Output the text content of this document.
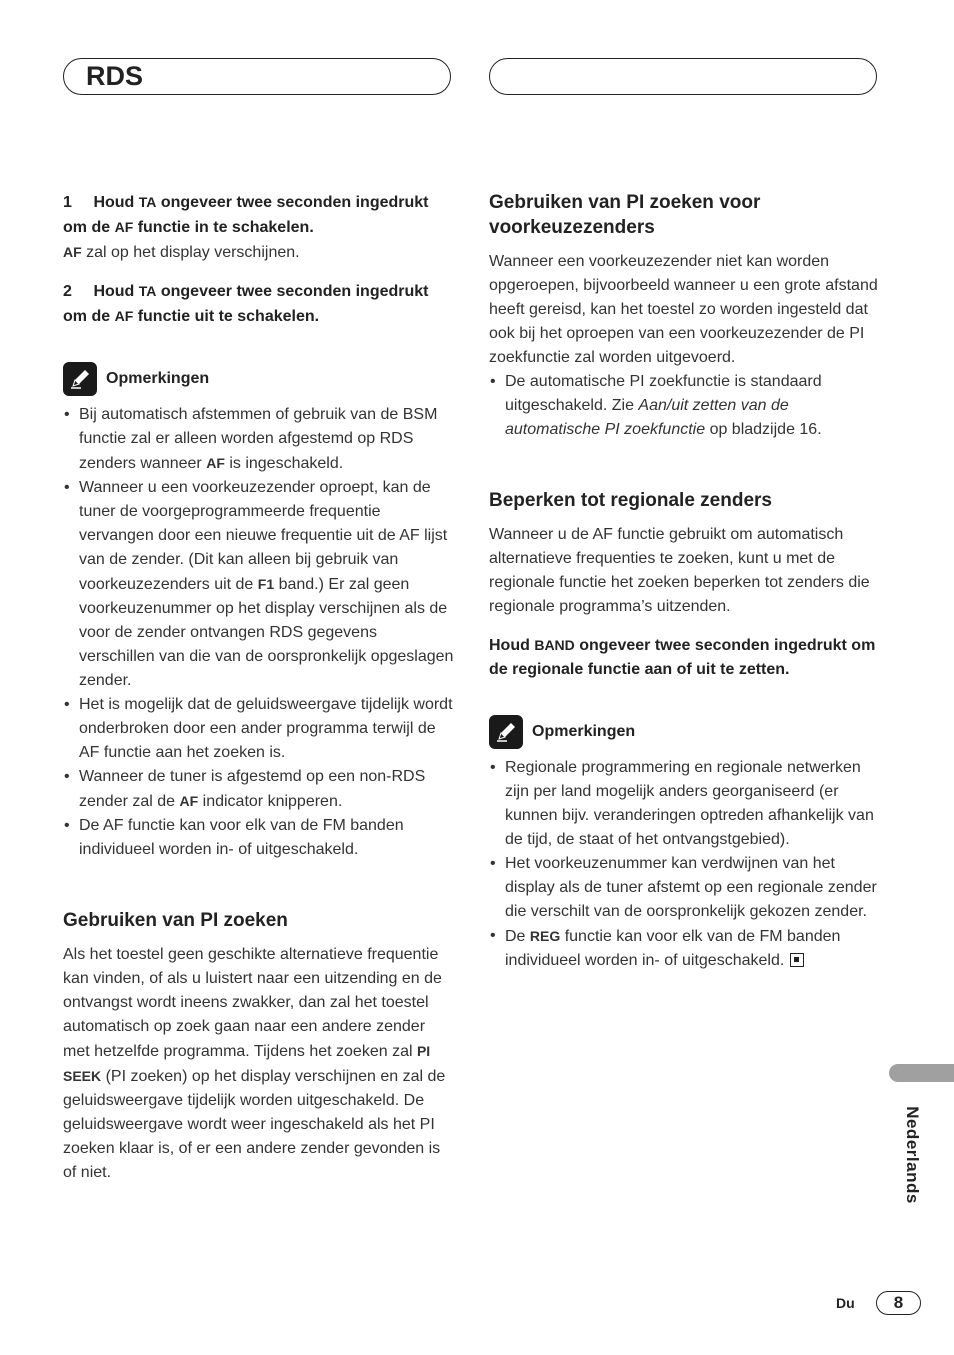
RDS

1 Houd TA ongeveer twee seconden ingedrukt om de AF functie in te schakelen.

AF zal op het display verschijnen.

2 Houd TA ongeveer twee seconden ingedrukt om de AF functie uit te schakelen.

Opmerkingen
• Bij automatisch afstemmen of gebruik van de BSM functie zal er alleen worden afgestemd op RDS zenders wanneer AF is ingeschakeld.
• Wanneer u een voorkeuzezender oproept, kan de tuner de voorgeprogrammeerde frequentie vervangen door een nieuwe frequentie uit de AF lijst van de zender. (Dit kan alleen bij gebruik van voorkeuzezenders uit de F1 band.) Er zal geen voorkeuzenummer op het display verschijnen als de voor de zender ontvangen RDS gegevens verschillen van die van de oorspronkelijk opgeslagen zender.
• Het is mogelijk dat de geluidsweergave tijdelijk wordt onderbroken door een ander programma terwijl de AF functie aan het zoeken is.
• Wanneer de tuner is afgestemd op een non-RDS zender zal de AF indicator knipperen.
• De AF functie kan voor elk van de FM banden individueel worden in- of uitgeschakeld.
Gebruiken van PI zoeken

Als het toestel geen geschikte alternatieve frequentie kan vinden, of als u luistert naar een uitzending en de ontvangst wordt ineens zwakker, dan zal het toestel automatisch op zoek gaan naar een andere zender met hetzelfde programma. Tijdens het zoeken zal PI SEEK (PI zoeken) op het display verschijnen en zal de geluidsweergave tijdelijk worden uitgeschakeld. De geluidsweergave wordt weer ingeschakeld als het PI zoeken klaar is, of er een andere zender gevonden is of niet.

Gebruiken van PI zoeken voor voorkeuzezenders

Wanneer een voorkeuzezender niet kan worden opgeroepen, bijvoorbeeld wanneer u een grote afstand heeft gereisd, kan het toestel zo worden ingesteld dat ook bij het oproepen van een voorkeuzezender de PI zoekfunctie zal worden uitgevoerd.

• De automatische PI zoekfunctie is standaard uitgeschakeld. Zie Aan/uit zetten van de automatische PI zoekfunctie op bladzijde 16.
Beperken tot regionale zenders

Wanneer u de AF functie gebruikt om automatisch alternatieve frequenties te zoeken, kunt u met de regionale functie het zoeken beperken tot zenders die regionale programma’s uitzenden.

Houd BAND ongeveer twee seconden ingedrukt om de regionale functie aan of uit te zetten.

Opmerkingen
• Regionale programmering en regionale netwerken zijn per land mogelijk anders georganiseerd (er kunnen bijv. veranderingen optreden afhankelijk van de tijd, de staat of het ontvangstgebied).
• Het voorkeuzenummer kan verdwijnen van het display als de tuner afstemt op een regionale zender die verschilt van de oorspronkelijk gekozen zender.
• De REG functie kan voor elk van de FM banden individueel worden in- of uitgeschakeld.
Nederlands
Du	8
